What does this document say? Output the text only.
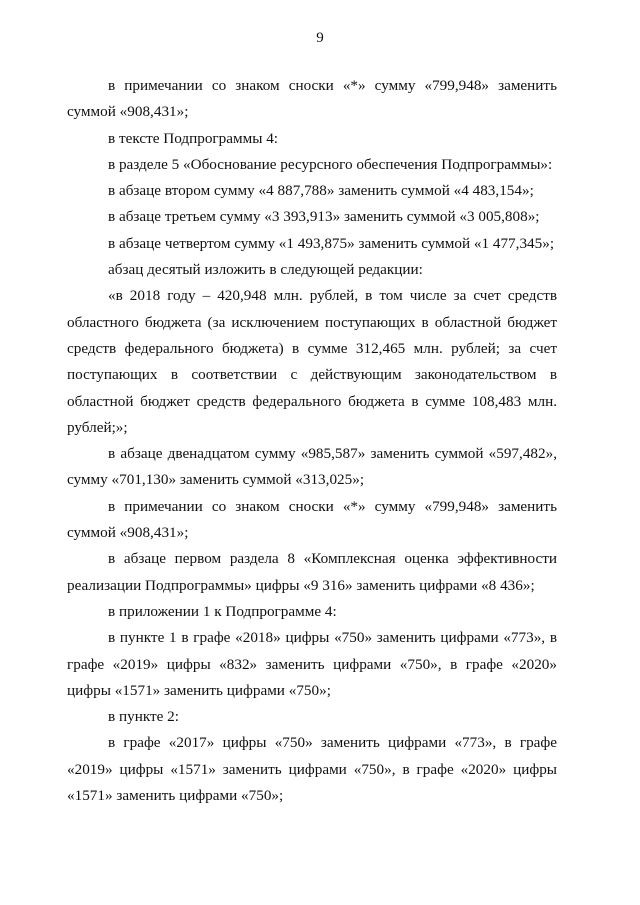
9

в примечании со знаком сноски «*» сумму «799,948» заменить суммой «908,431»;

в тексте Подпрограммы 4:

в разделе 5 «Обоснование ресурсного обеспечения Подпрограммы»:

в абзаце втором сумму «4 887,788» заменить суммой «4 483,154»;

в абзаце третьем сумму «3 393,913» заменить суммой «3 005,808»;

в абзаце четвертом сумму «1 493,875» заменить суммой «1 477,345»;

абзац десятый изложить в следующей редакции:

«в 2018 году – 420,948 млн. рублей, в том числе за счет средств областного бюджета (за исключением поступающих в областной бюджет средств федерального бюджета) в сумме 312,465 млн. рублей; за счет поступающих в соответствии с действующим законодательством в областной бюджет средств федерального бюджета в сумме 108,483 млн. рублей;»;

в абзаце двенадцатом сумму «985,587» заменить суммой «597,482», сумму «701,130» заменить суммой «313,025»;

в примечании со знаком сноски «*» сумму «799,948» заменить суммой «908,431»;

в абзаце первом раздела 8 «Комплексная оценка эффективности реализации Подпрограммы» цифры «9 316» заменить цифрами «8 436»;

в приложении 1 к Подпрограмме 4:

в пункте 1 в графе «2018» цифры «750» заменить цифрами «773», в графе «2019» цифры «832» заменить цифрами «750», в графе «2020» цифры «1571» заменить цифрами «750»;

в пункте 2:

в графе «2017» цифры «750» заменить цифрами «773», в графе «2019» цифры «1571» заменить цифрами «750», в графе «2020» цифры «1571» заменить цифрами «750»;
